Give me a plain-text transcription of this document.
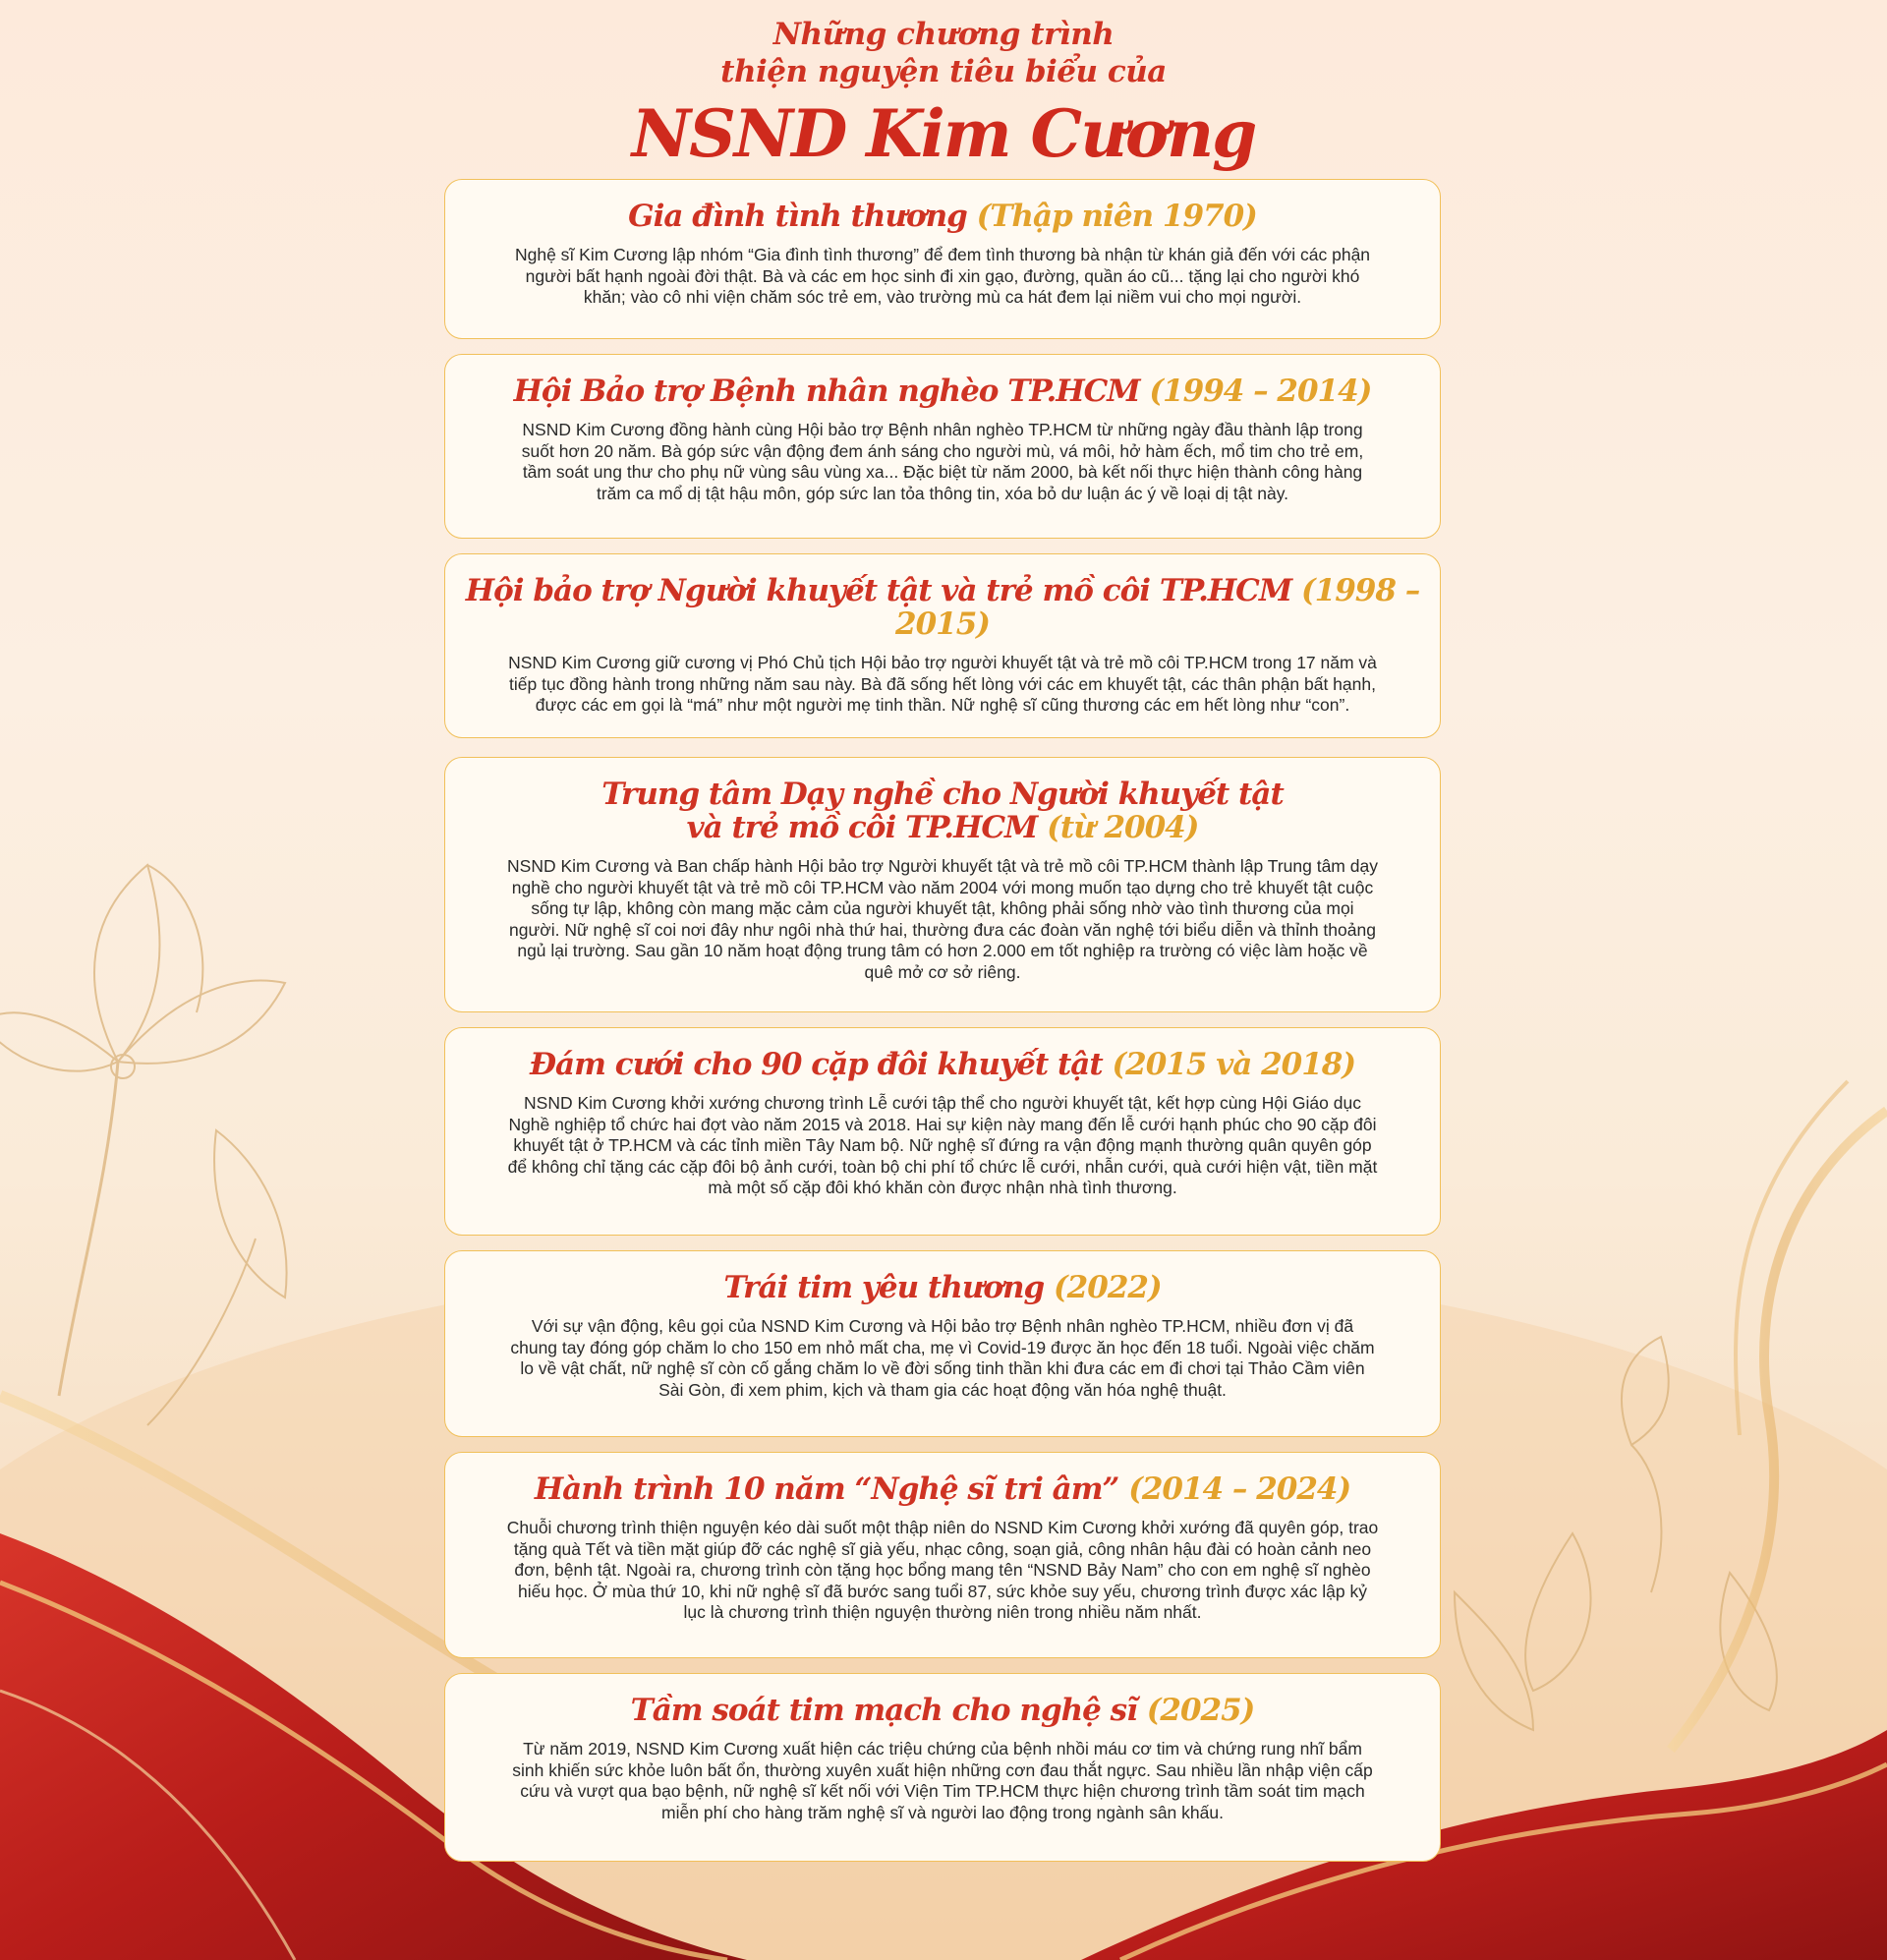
Những chương trình
thiện nguyện tiêu biểu của
NSND Kim Cương
Gia đình tình thương (Thập niên 1970)
Nghệ sĩ Kim Cương lập nhóm “Gia đình tình thương” để đem tình thương bà nhận từ khán giả đến với các phận người bất hạnh ngoài đời thật. Bà và các em học sinh đi xin gạo, đường, quần áo cũ... tặng lại cho người khó khăn; vào cô nhi viện chăm sóc trẻ em, vào trường mù ca hát đem lại niềm vui cho mọi người.
Hội Bảo trợ Bệnh nhân nghèo TP.HCM (1994 – 2014)
NSND Kim Cương đồng hành cùng Hội bảo trợ Bệnh nhân nghèo TP.HCM từ những ngày đầu thành lập trong suốt hơn 20 năm. Bà góp sức vận động đem ánh sáng cho người mù, vá môi, hở hàm ếch, mổ tim cho trẻ em, tầm soát ung thư cho phụ nữ vùng sâu vùng xa... Đặc biệt từ năm 2000, bà kết nối thực hiện thành công hàng trăm ca mổ dị tật hậu môn, góp sức lan tỏa thông tin, xóa bỏ dư luận ác ý về loại dị tật này.
Hội bảo trợ Người khuyết tật và trẻ mồ côi TP.HCM (1998 – 2015)
NSND Kim Cương giữ cương vị Phó Chủ tịch Hội bảo trợ người khuyết tật và trẻ mồ côi TP.HCM trong 17 năm và tiếp tục đồng hành trong những năm sau này. Bà đã sống hết lòng với các em khuyết tật, các thân phận bất hạnh, được các em gọi là “má” như một người mẹ tinh thần. Nữ nghệ sĩ cũng thương các em hết lòng như “con”.
Trung tâm Dạy nghề cho Người khuyết tật và trẻ mồ côi TP.HCM (từ 2004)
NSND Kim Cương và Ban chấp hành Hội bảo trợ Người khuyết tật và trẻ mồ côi TP.HCM thành lập Trung tâm dạy nghề cho người khuyết tật và trẻ mồ côi TP.HCM vào năm 2004 với mong muốn tạo dựng cho trẻ khuyết tật cuộc sống tự lập, không còn mang mặc cảm của người khuyết tật, không phải sống nhờ vào tình thương của mọi người. Nữ nghệ sĩ coi nơi đây như ngôi nhà thứ hai, thường đưa các đoàn văn nghệ tới biểu diễn và thỉnh thoảng ngủ lại trường. Sau gần 10 năm hoạt động trung tâm có hơn 2.000 em tốt nghiệp ra trường có việc làm hoặc về quê mở cơ sở riêng.
Đám cưới cho 90 cặp đôi khuyết tật (2015 và 2018)
NSND Kim Cương khởi xướng chương trình Lễ cưới tập thể cho người khuyết tật, kết hợp cùng Hội Giáo dục Nghề nghiệp tổ chức hai đợt vào năm 2015 và 2018. Hai sự kiện này mang đến lễ cưới hạnh phúc cho 90 cặp đôi khuyết tật ở TP.HCM và các tỉnh miền Tây Nam bộ. Nữ nghệ sĩ đứng ra vận động mạnh thường quân quyên góp để không chỉ tặng các cặp đôi bộ ảnh cưới, toàn bộ chi phí tổ chức lễ cưới, nhẫn cưới, quà cưới hiện vật, tiền mặt mà một số cặp đôi khó khăn còn được nhận nhà tình thương.
Trái tim yêu thương (2022)
Với sự vận động, kêu gọi của NSND Kim Cương và Hội bảo trợ Bệnh nhân nghèo TP.HCM, nhiều đơn vị đã chung tay đóng góp chăm lo cho 150 em nhỏ mất cha, mẹ vì Covid-19 được ăn học đến 18 tuổi. Ngoài việc chăm lo về vật chất, nữ nghệ sĩ còn cố gắng chăm lo về đời sống tinh thần khi đưa các em đi chơi tại Thảo Cầm viên Sài Gòn, đi xem phim, kịch và tham gia các hoạt động văn hóa nghệ thuật.
Hành trình 10 năm “Nghệ sĩ tri âm” (2014 – 2024)
Chuỗi chương trình thiện nguyện kéo dài suốt một thập niên do NSND Kim Cương khởi xướng đã quyên góp, trao tặng quà Tết và tiền mặt giúp đỡ các nghệ sĩ già yếu, nhạc công, soạn giả, công nhân hậu đài có hoàn cảnh neo đơn, bệnh tật. Ngoài ra, chương trình còn tặng học bổng mang tên “NSND Bảy Nam” cho con em nghệ sĩ nghèo hiếu học. Ở mùa thứ 10, khi nữ nghệ sĩ đã bước sang tuổi 87, sức khỏe suy yếu, chương trình được xác lập kỷ lục là chương trình thiện nguyện thường niên trong nhiều năm nhất.
Tầm soát tim mạch cho nghệ sĩ (2025)
Từ năm 2019, NSND Kim Cương xuất hiện các triệu chứng của bệnh nhồi máu cơ tim và chứng rung nhĩ bẩm sinh khiến sức khỏe luôn bất ổn, thường xuyên xuất hiện những cơn đau thắt ngực. Sau nhiều lần nhập viện cấp cứu và vượt qua bạo bệnh, nữ nghệ sĩ kết nối với Viện Tim TP.HCM thực hiện chương trình tầm soát tim mạch miễn phí cho hàng trăm nghệ sĩ và người lao động trong ngành sân khấu.
